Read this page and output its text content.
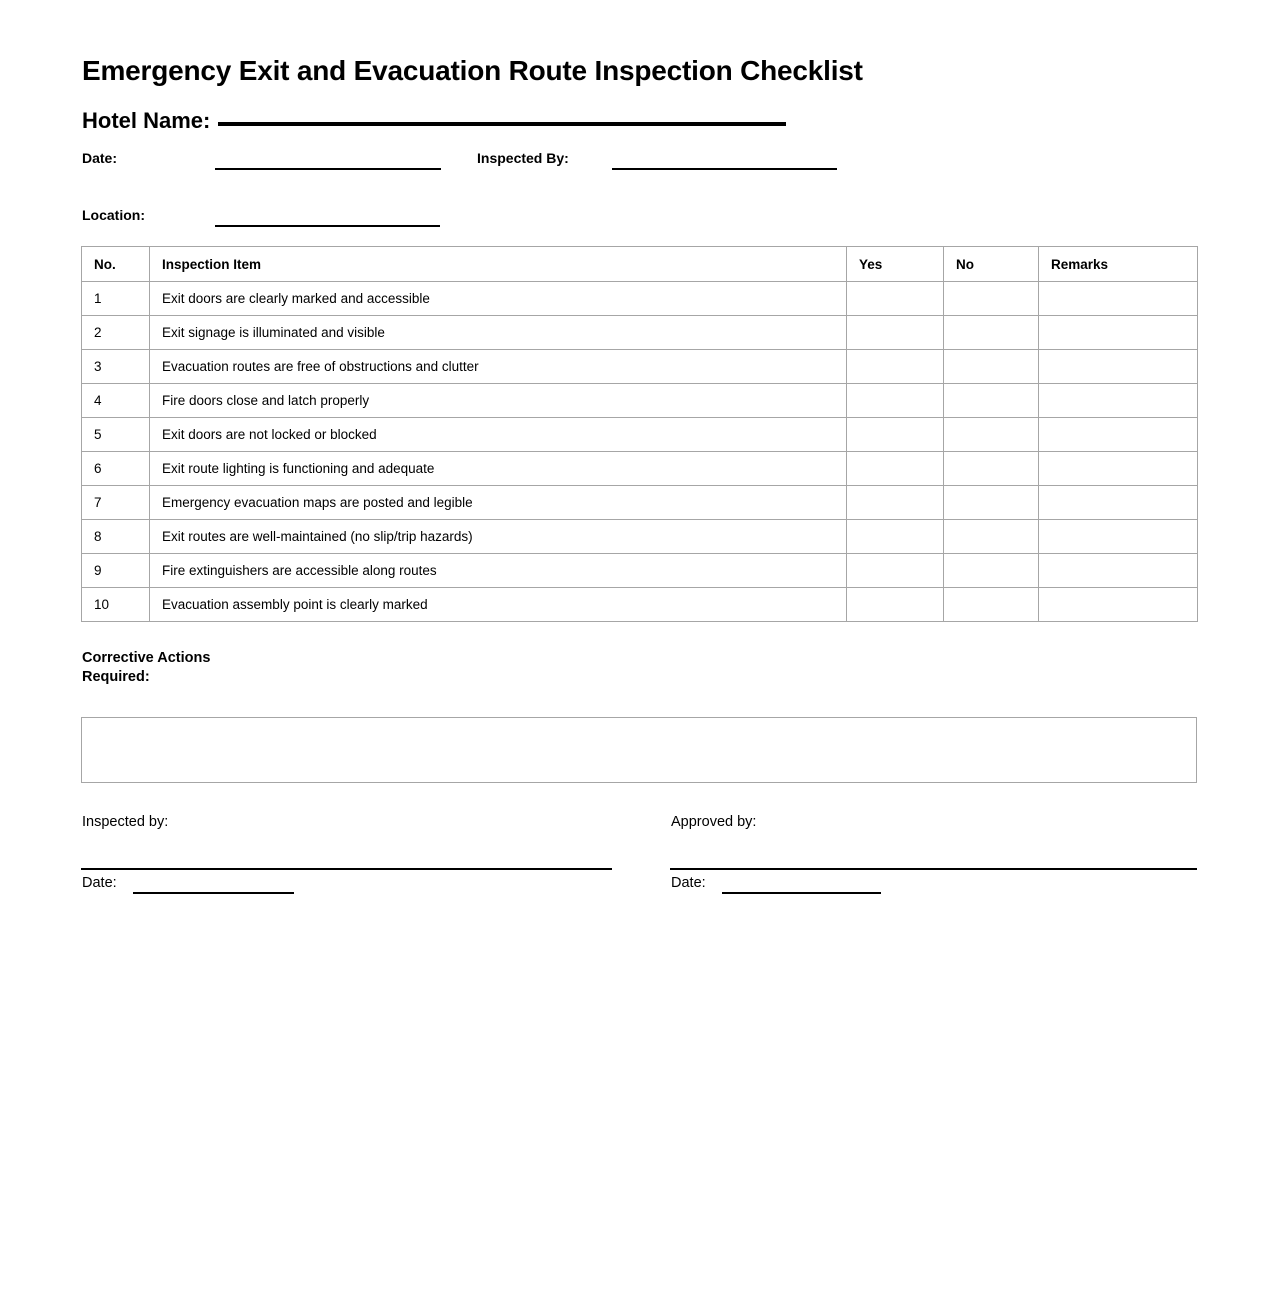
Emergency Exit and Evacuation Route Inspection Checklist
Hotel Name:
Date:	Inspected By:
Location:
No.	Inspection Item	Yes	No	Remarks
1	Exit doors are clearly marked and accessible			
2	Exit signage is illuminated and visible			
3	Evacuation routes are free of obstructions and clutter			
4	Fire doors close and latch properly			
5	Exit doors are not locked or blocked			
6	Exit route lighting is functioning and adequate			
7	Emergency evacuation maps are posted and legible			
8	Exit routes are well-maintained (no slip/trip hazards)			
9	Fire extinguishers are accessible along routes			
10	Evacuation assembly point is clearly marked			
Corrective Actions Required:
Inspected by:
Date:
Approved by:
Date:
